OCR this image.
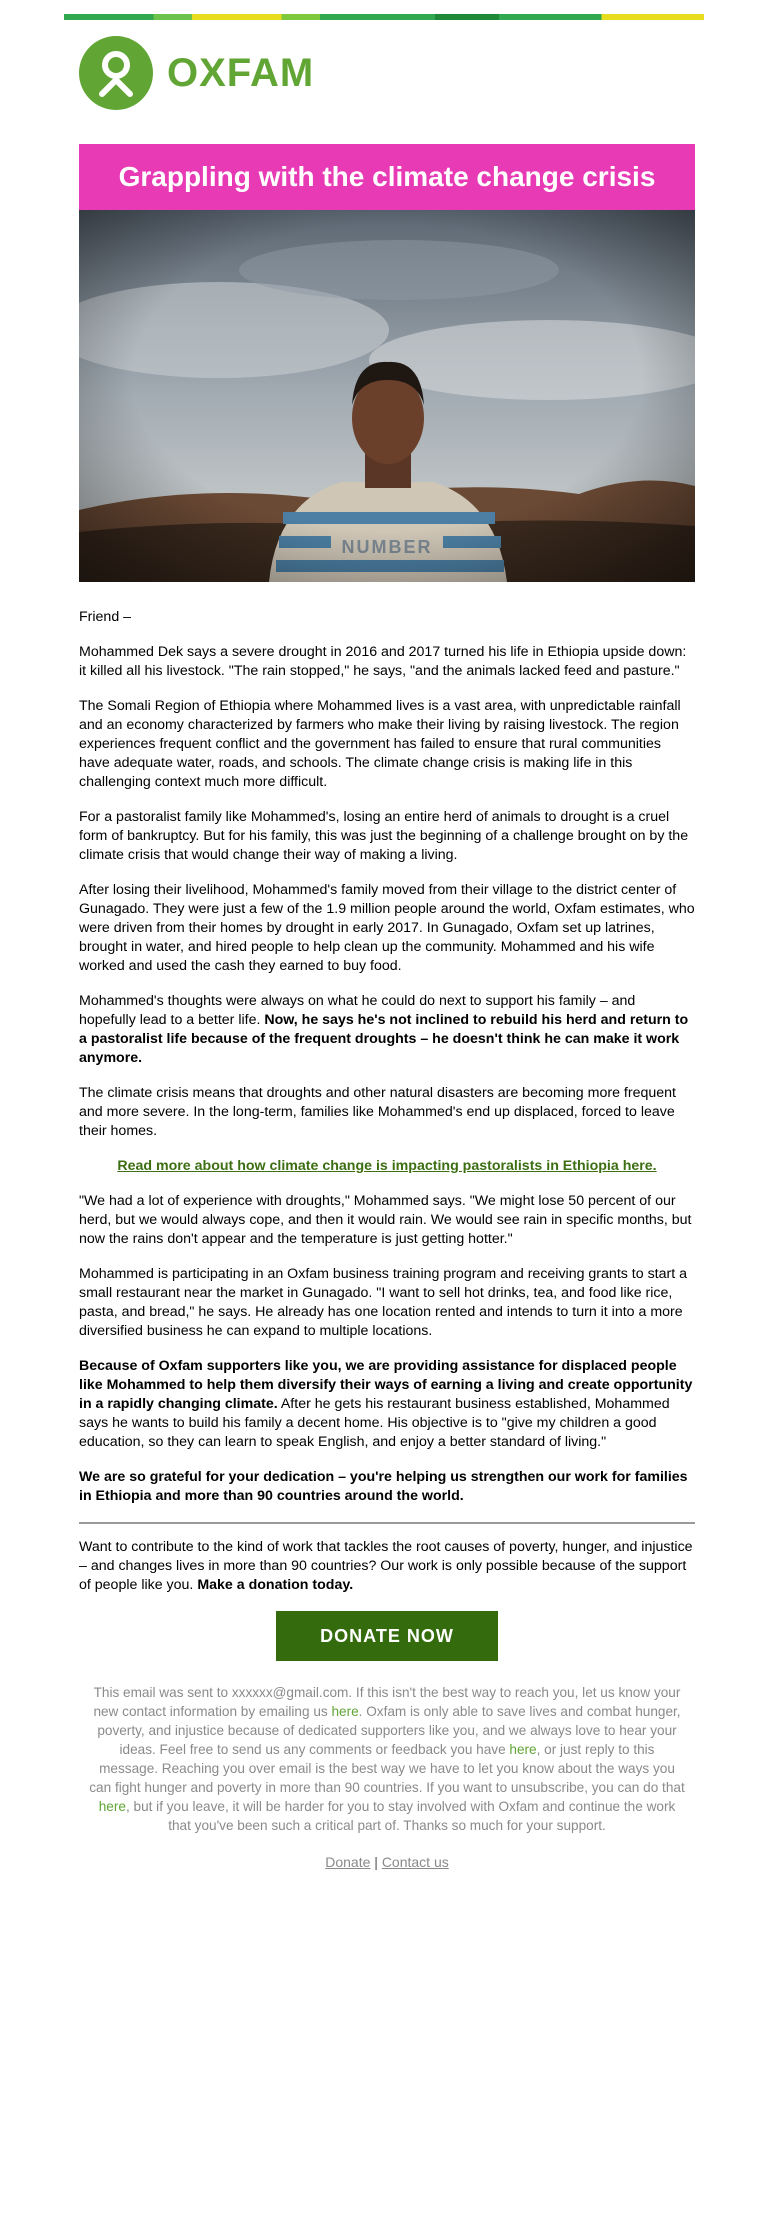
OXFAM
Grappling with the climate change crisis

Friend –

Mohammed Dek says a severe drought in 2016 and 2017 turned his life in Ethiopia upside down: it killed all his livestock. "The rain stopped," he says, "and the animals lacked feed and pasture."

The Somali Region of Ethiopia where Mohammed lives is a vast area, with unpredictable rainfall and an economy characterized by farmers who make their living by raising livestock. The region experiences frequent conflict and the government has failed to ensure that rural communities have adequate water, roads, and schools. The climate change crisis is making life in this challenging context much more difficult.

For a pastoralist family like Mohammed's, losing an entire herd of animals to drought is a cruel form of bankruptcy. But for his family, this was just the beginning of a challenge brought on by the climate crisis that would change their way of making a living.

After losing their livelihood, Mohammed's family moved from their village to the district center of Gunagado. They were just a few of the 1.9 million people around the world, Oxfam estimates, who were driven from their homes by drought in early 2017. In Gunagado, Oxfam set up latrines, brought in water, and hired people to help clean up the community. Mohammed and his wife worked and used the cash they earned to buy food.

Mohammed's thoughts were always on what he could do next to support his family – and hopefully lead to a better life. Now, he says he's not inclined to rebuild his herd and return to a pastoralist life because of the frequent droughts – he doesn't think he can make it work anymore.

The climate crisis means that droughts and other natural disasters are becoming more frequent and more severe. In the long-term, families like Mohammed's end up displaced, forced to leave their homes.

Read more about how climate change is impacting pastoralists in Ethiopia here.

"We had a lot of experience with droughts," Mohammed says. "We might lose 50 percent of our herd, but we would always cope, and then it would rain. We would see rain in specific months, but now the rains don't appear and the temperature is just getting hotter."

Mohammed is participating in an Oxfam business training program and receiving grants to start a small restaurant near the market in Gunagado. "I want to sell hot drinks, tea, and food like rice, pasta, and bread," he says. He already has one location rented and intends to turn it into a more diversified business he can expand to multiple locations.

Because of Oxfam supporters like you, we are providing assistance for displaced people like Mohammed to help them diversify their ways of earning a living and create opportunity in a rapidly changing climate. After he gets his restaurant business established, Mohammed says he wants to build his family a decent home. His objective is to "give my children a good education, so they can learn to speak English, and enjoy a better standard of living."

We are so grateful for your dedication – you're helping us strengthen our work for families in Ethiopia and more than 90 countries around the world.

Want to contribute to the kind of work that tackles the root causes of poverty, hunger, and injustice – and changes lives in more than 90 countries? Our work is only possible because of the support of people like you. Make a donation today.

DONATE NOW
This email was sent to xxxxxx@gmail.com. If this isn't the best way to reach you, let us know your new contact information by emailing us here. Oxfam is only able to save lives and combat hunger, poverty, and injustice because of dedicated supporters like you, and we always love to hear your ideas. Feel free to send us any comments or feedback you have here, or just reply to this message. Reaching you over email is the best way we have to let you know about the ways you can fight hunger and poverty in more than 90 countries. If you want to unsubscribe, you can do that here, but if you leave, it will be harder for you to stay involved with Oxfam and continue the work that you've been such a critical part of. Thanks so much for your support.
Donate | Contact us
